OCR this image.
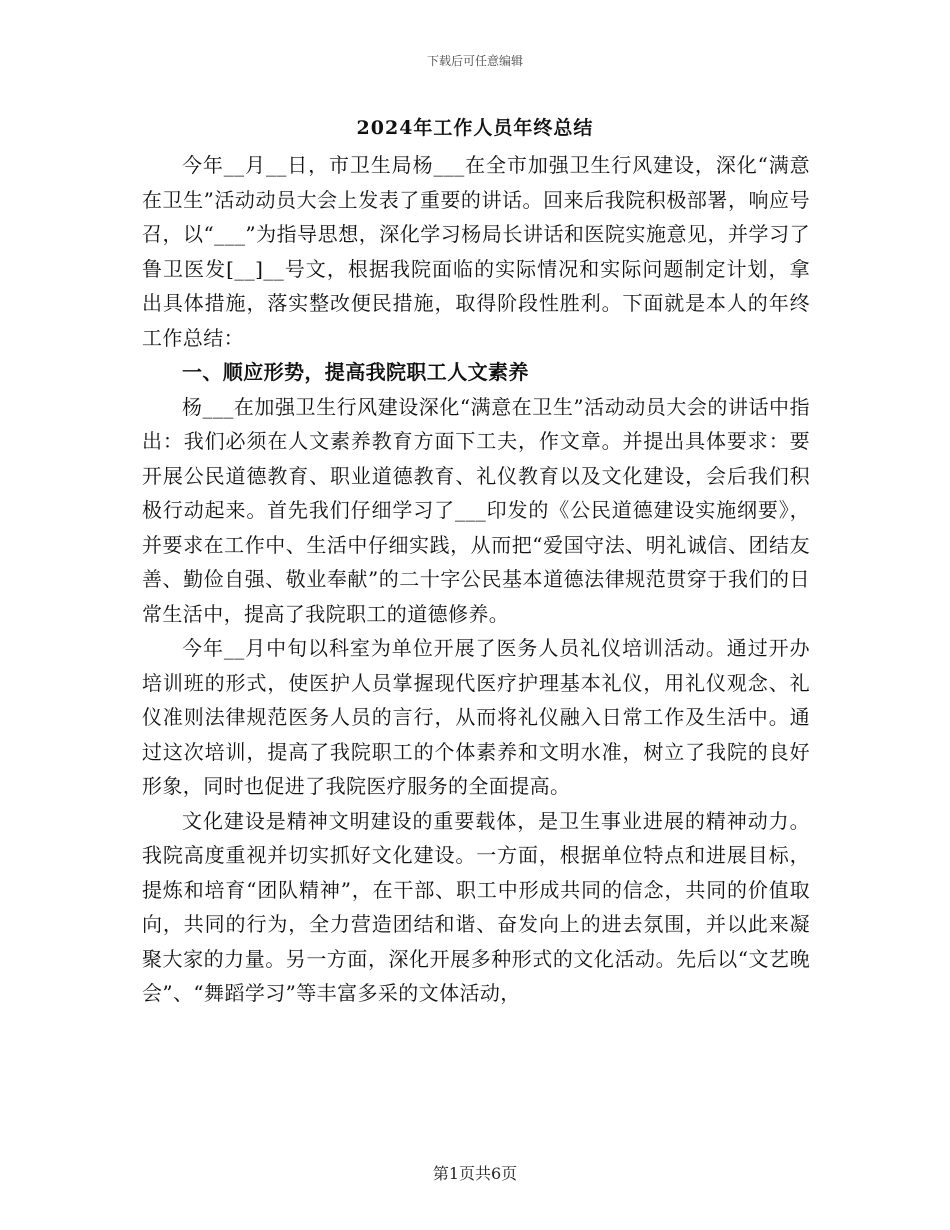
下载后可任意编辑
2024年工作人员年终总结

今年__月__日，市卫生局杨___在全市加强卫生行风建设，深化“满意在卫生”活动动员大会上发表了重要的讲话。回来后我院积极部署，响应号召，以“___”为指导思想，深化学习杨局长讲话和医院实施意见，并学习了鲁卫医发[__]__号文，根据我院面临的实际情况和实际问题制定计划，拿出具体措施，落实整改便民措施，取得阶段性胜利。下面就是本人的年终工作总结：

一、顺应形势，提高我院职工人文素养

杨___在加强卫生行风建设深化“满意在卫生”活动动员大会的讲话中指出：我们必须在人文素养教育方面下工夫，作文章。并提出具体要求：要开展公民道德教育、职业道德教育、礼仪教育以及文化建设，会后我们积极行动起来。首先我们仔细学习了___印发的《公民道德建设实施纲要》，并要求在工作中、生活中仔细实践，从而把“爱国守法、明礼诚信、团结友善、勤俭自强、敬业奉献”的二十字公民基本道德法律规范贯穿于我们的日常生活中，提高了我院职工的道德修养。

今年__月中旬以科室为单位开展了医务人员礼仪培训活动。通过开办培训班的形式，使医护人员掌握现代医疗护理基本礼仪，用礼仪观念、礼仪准则法律规范医务人员的言行，从而将礼仪融入日常工作及生活中。通过这次培训，提高了我院职工的个体素养和文明水准，树立了我院的良好形象，同时也促进了我院医疗服务的全面提高。

文化建设是精神文明建设的重要载体，是卫生事业进展的精神动力。我院高度重视并切实抓好文化建设。一方面，根据单位特点和进展目标，提炼和培育“团队精神”，在干部、职工中形成共同的信念，共同的价值取向，共同的行为，全力营造团结和谐、奋发向上的进去氛围，并以此来凝聚大家的力量。另一方面，深化开展多种形式的文化活动。先后以“文艺晚会”、“舞蹈学习”等丰富多采的文体活动，

第1页共6页
